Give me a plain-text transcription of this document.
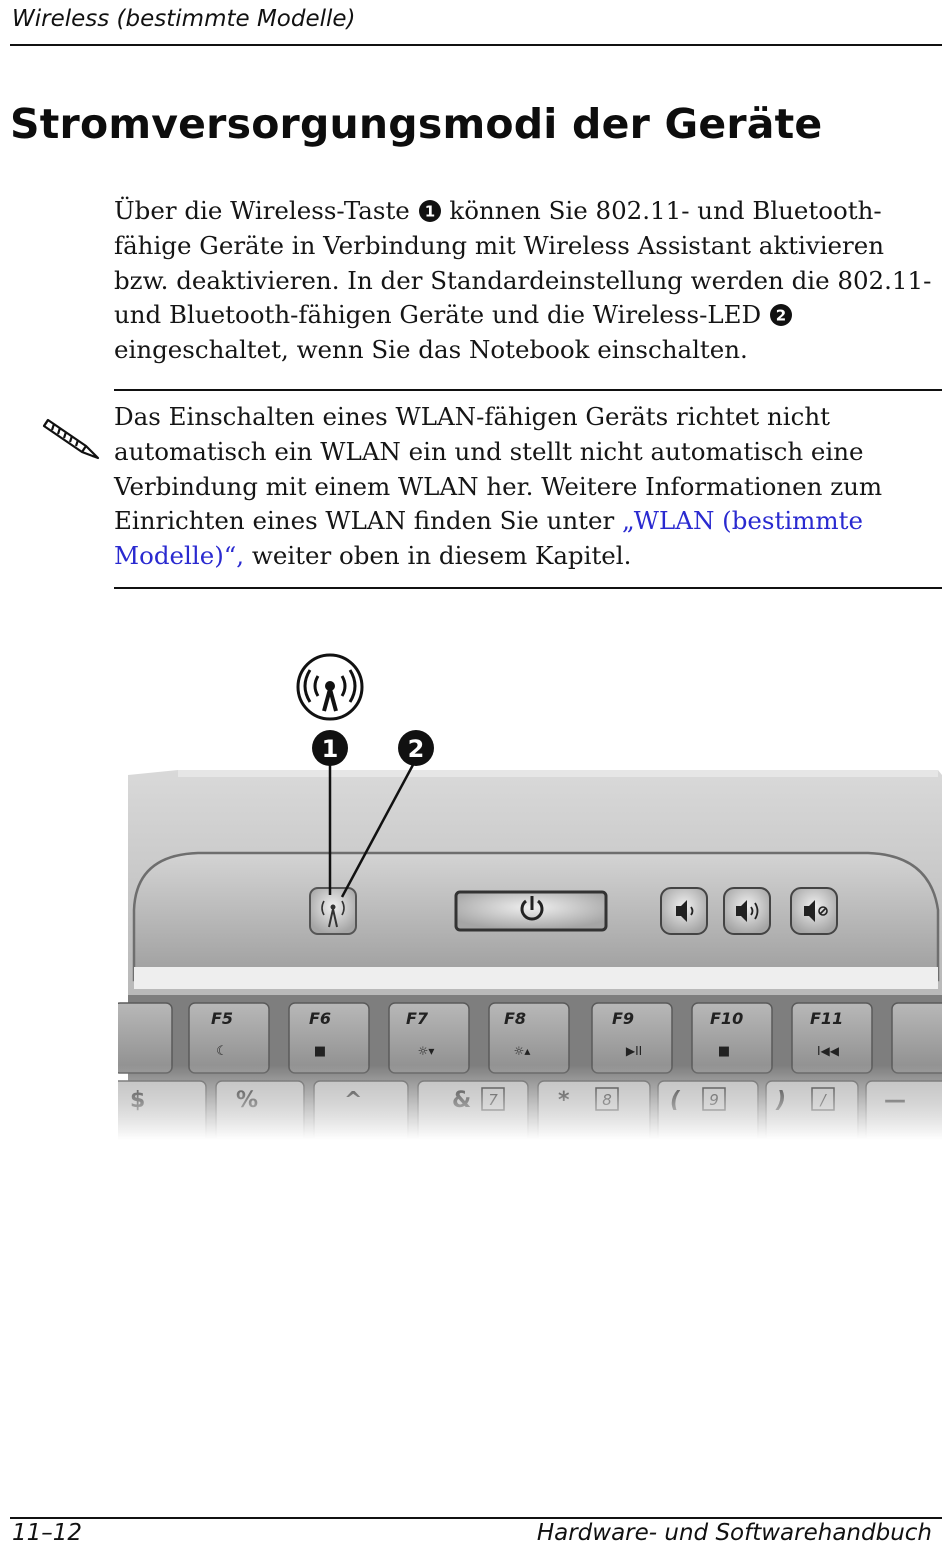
Wireless (bestimmte Modelle)
Stromversorgungsmodi der Geräte
Über die Wireless-Taste 1 können Sie 802.11- und Bluetooth-
fähige Geräte in Verbindung mit Wireless Assistant aktivieren
bzw. deaktivieren. In der Standardeinstellung werden die 802.11-
und Bluetooth-fähigen Geräte und die Wireless-LED 2
eingeschaltet, wenn Sie das Notebook einschalten.
Das Einschalten eines WLAN-fähigen Geräts richtet nicht
automatisch ein WLAN ein und stellt nicht automatisch eine
Verbindung mit einem WLAN her. Weitere Informationen zum
Einrichten eines WLAN finden Sie unter „WLAN (bestimmte
Modelle)“, weiter oben in diesem Kapitel.
1	2
F5
☾
F6
■
F7
☼▾
F8
☼▴
F9
▶II
F10
■
F11
I◀◀
11–12	Hardware- und Softwarehandbuch
